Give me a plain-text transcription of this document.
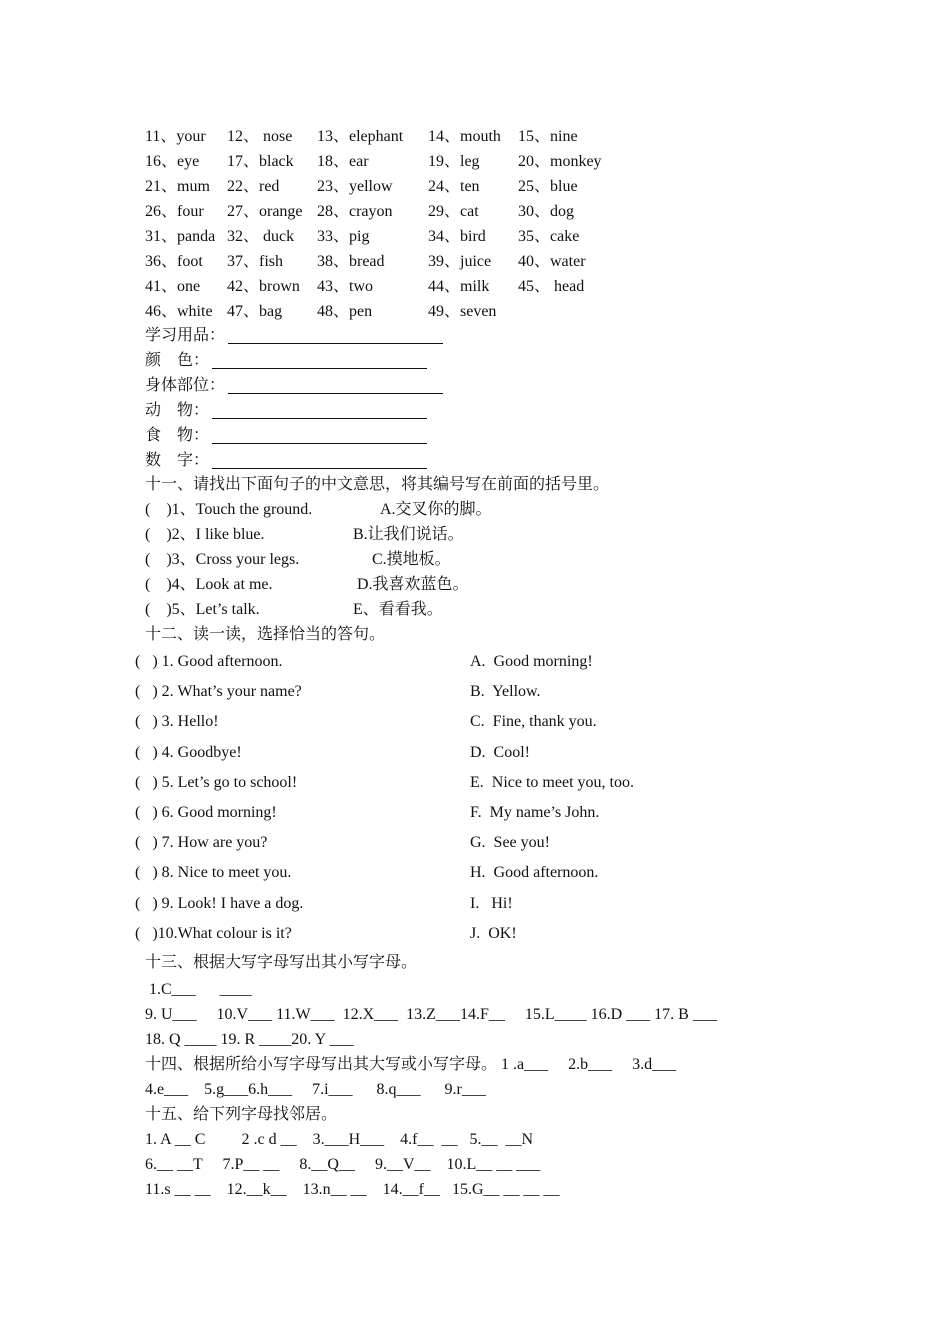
11、your 12、 nose 13、elephant 14、mouth 15、nine
16、eye 17、black 18、ear	19、leg 20、monkey
21、mum 22、red 23、yellow 24、ten 25、blue
26、four 27、orange 28、crayon 29、cat 30、dog
31、panda 32、 duck 33、pig	34、bird 35、cake
36、foot 37、fish 38、bread	39、juice 40、water
41、one 42、brown 43、two	44、milk 45、 head
46、white 47、bag 48、pen	49、seven
学习用品：
颜    色：
身体部位：
动    物：
食    物：
数    字：
十一、请找出下面句子的中文意思，将其编号写在前面的括号里。
(    )1、Touch the ground.	A.交叉你的脚。
(    )2、I like blue.	B.让我们说话。
(    )3、Cross your legs.	C.摸地板。
(    )4、Look at me.	D.我喜欢蓝色。
(    )5、Let’s talk.	E、看看我。
十二、读一读，选择恰当的答句。
(   ) 1. Good afternoon.	A.  Good morning!
(   ) 2. What’s your name?	B.  Yellow.
(   ) 3. Hello!	C.  Fine, thank you.
(   ) 4. Goodbye!	D.  Cool!
(   ) 5. Let’s go to school!	E.  Nice to meet you, too.
(   ) 6. Good morning!	F.  My name’s John.
(   ) 7. How are you?	G.  See you!
(   ) 8. Nice to meet you.	H.  Good afternoon.
(   ) 9. Look! I have a dog.	I.   Hi!
(   )10.What colour is it?	J.  OK!
十三、根据大写字母写出其小写字母。
1.C___      ____
9. U___     10.V___ 11.W___  12.X___  13.Z___14.F__     15.L____ 16.D ___ 17. B ___
18. Q ____ 19. R ____20. Y ___
十四、根据所给小写字母写出其大写或小写字母。 1 .a___     2.b___     3.d___
4.e___    5.g___6.h___     7.i___      8.q___      9.r___
十五、给下列字母找邻居。
1. A __ C         2 .c d __    3.___H___    4.f__  __   5.__  __N
6.__ __T     7.P__ __     8.__Q__     9.__V__    10.L__ __ ___
11.s __ __    12.__k__    13.n__ __    14.__f__   15.G__ __ __ __
